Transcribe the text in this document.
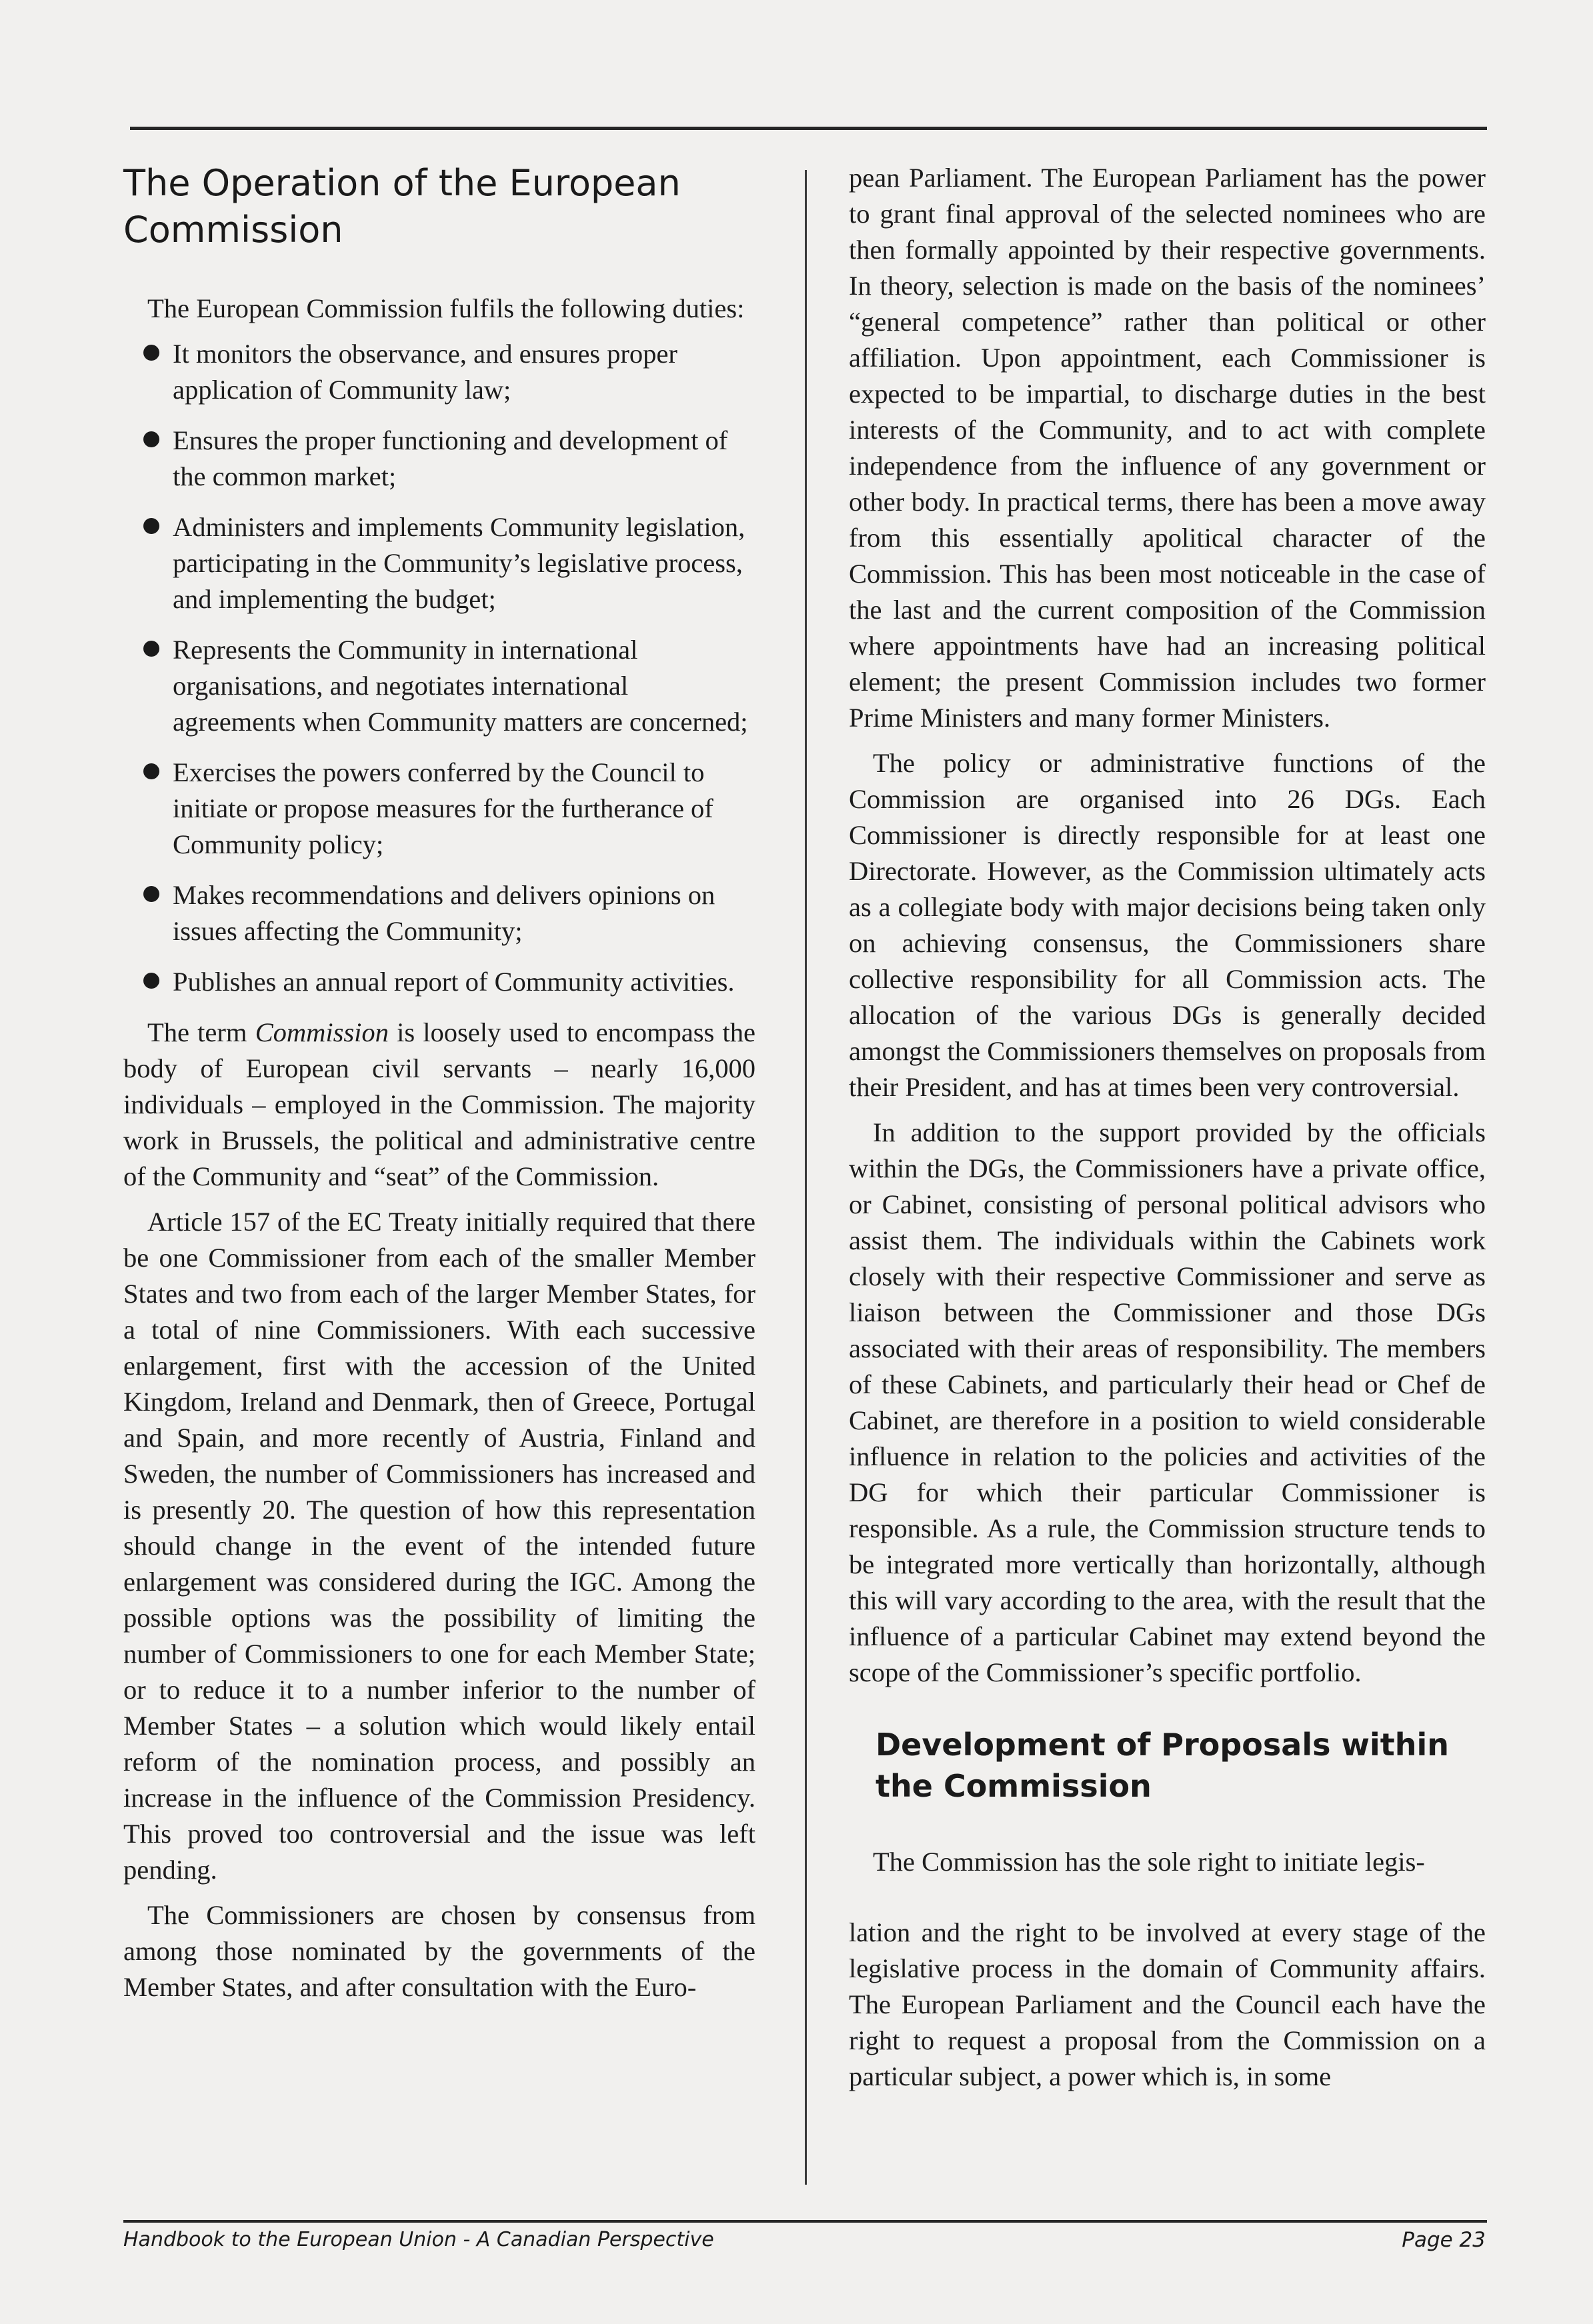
The Operation of the European Commission

The European Commission fulfils the following duties:

It monitors the observance, and ensures proper application of Community law;
Ensures the proper functioning and development of the common market;
Administers and implements Community legislation, participating in the Community’s legislative process, and implementing the budget;
Represents the Community in international organisations, and negotiates international agreements when Community matters are concerned;
Exercises the powers conferred by the Council to initiate or propose measures for the furtherance of Community policy;
Makes recommendations and delivers opinions on issues affecting the Community;
Publishes an annual report of Community activities.

The term Commission is loosely used to encompass the body of European civil servants – nearly 16,000 individuals – employed in the Commission. The majority work in Brussels, the political and administrative centre of the Community and “seat” of the Commission.

Article 157 of the EC Treaty initially required that there be one Commissioner from each of the smaller Member States and two from each of the larger Member States, for a total of nine Commissioners. With each successive enlargement, first with the accession of the United Kingdom, Ireland and Denmark, then of Greece, Portugal and Spain, and more recently of Austria, Finland and Sweden, the number of Commissioners has increased and is presently 20. The question of how this representation should change in the event of the intended future enlargement was considered during the IGC. Among the possible options was the possibility of limiting the number of Commissioners to one for each Member State; or to reduce it to a number inferior to the number of Member States – a solution which would likely entail reform of the nomination process, and possibly an increase in the influence of the Commission Presidency. This proved too controversial and the issue was left pending.

The Commissioners are chosen by consensus from among those nominated by the governments of the Member States, and after consultation with the Euro-

pean Parliament. The European Parliament has the power to grant final approval of the selected nominees who are then formally appointed by their respective governments. In theory, selection is made on the basis of the nominees’ “general competence” rather than political or other affiliation. Upon appointment, each Commissioner is expected to be impartial, to discharge duties in the best interests of the Community, and to act with complete independence from the influence of any government or other body. In practical terms, there has been a move away from this essentially apolitical character of the Commission. This has been most noticeable in the case of the last and the current composition of the Commission where appointments have had an increasing political element; the present Commission includes two former Prime Ministers and many former Ministers.

The policy or administrative functions of the Commission are organised into 26 DGs. Each Commissioner is directly responsible for at least one Directorate. However, as the Commission ultimately acts as a collegiate body with major decisions being taken only on achieving consensus, the Commissioners share collective responsibility for all Commission acts. The allocation of the various DGs is generally decided amongst the Commissioners themselves on proposals from their President, and has at times been very controversial.

In addition to the support provided by the officials within the DGs, the Commissioners have a private office, or Cabinet, consisting of personal political advisors who assist them. The individuals within the Cabinets work closely with their respective Commissioner and serve as liaison between the Commissioner and those DGs associated with their areas of responsibility. The members of these Cabinets, and particularly their head or Chef de Cabinet, are therefore in a position to wield considerable influence in relation to the policies and activities of the DG for which their particular Commissioner is responsible. As a rule, the Commission structure tends to be integrated more vertically than horizontally, although this will vary according to the area, with the result that the influence of a particular Cabinet may extend beyond the scope of the Commissioner’s specific portfolio.

Development of Proposals within the Commission

The Commission has the sole right to initiate legis-

lation and the right to be involved at every stage of the legislative process in the domain of Community affairs. The European Parliament and the Council each have the right to request a proposal from the Commission on a particular subject, a power which is, in some

Handbook to the European Union - A Canadian Perspective	Page 23
